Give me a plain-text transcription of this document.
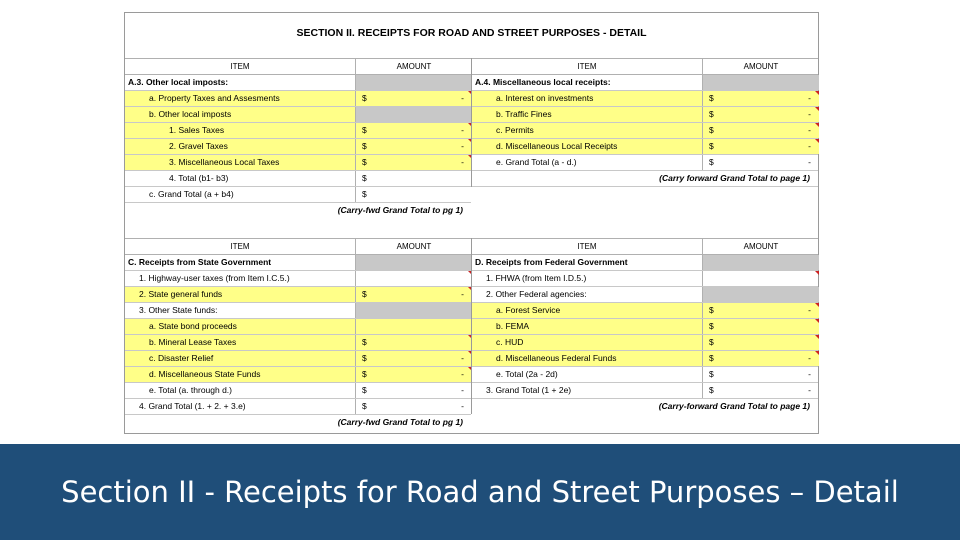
SECTION II. RECEIPTS FOR ROAD AND STREET PURPOSES - DETAIL
ITEM	AMOUNT
A.3. Other local imposts:
a. Property Taxes and Assesments	$	-
b. Other local imposts
1. Sales Taxes	$	-
2. Gravel Taxes	$	-
3. Miscellaneous Local Taxes	$	-
4. Total (b1- b3)	$
c. Grand Total (a + b4)	$
(Carry-fwd Grand Total to pg 1)
ITEM	AMOUNT
A.4. Miscellaneous local receipts:
a. Interest on investments	$	-
b. Traffic Fines	$	-
c. Permits	$	-
d. Miscellaneous Local Receipts	$	-
e. Grand Total (a - d.)	$	-
(Carry forward Grand Total to page 1)
ITEM	AMOUNT
C. Receipts from State Government
1. Highway-user taxes (from Item I.C.5.)
2. State general funds	$	-
3. Other State funds:
a. State bond proceeds
b. Mineral Lease Taxes	$
c. Disaster Relief	$	-
d. Miscellaneous State Funds	$	-
e. Total (a. through d.)	$	-
4. Grand Total (1. + 2. + 3.e)	$	-
(Carry-fwd Grand Total to pg 1)
ITEM	AMOUNT
D. Receipts from Federal Government
1. FHWA (from Item I.D.5.)
2. Other Federal agencies:
a. Forest Service	$	-
b. FEMA	$
c. HUD	$
d. Miscellaneous Federal Funds	$	-
e. Total (2a - 2d)	$	-
3. Grand Total (1 + 2e)	$	-
(Carry-forward Grand Total to page 1)
Section II - Receipts for Road and Street Purposes – Detail
